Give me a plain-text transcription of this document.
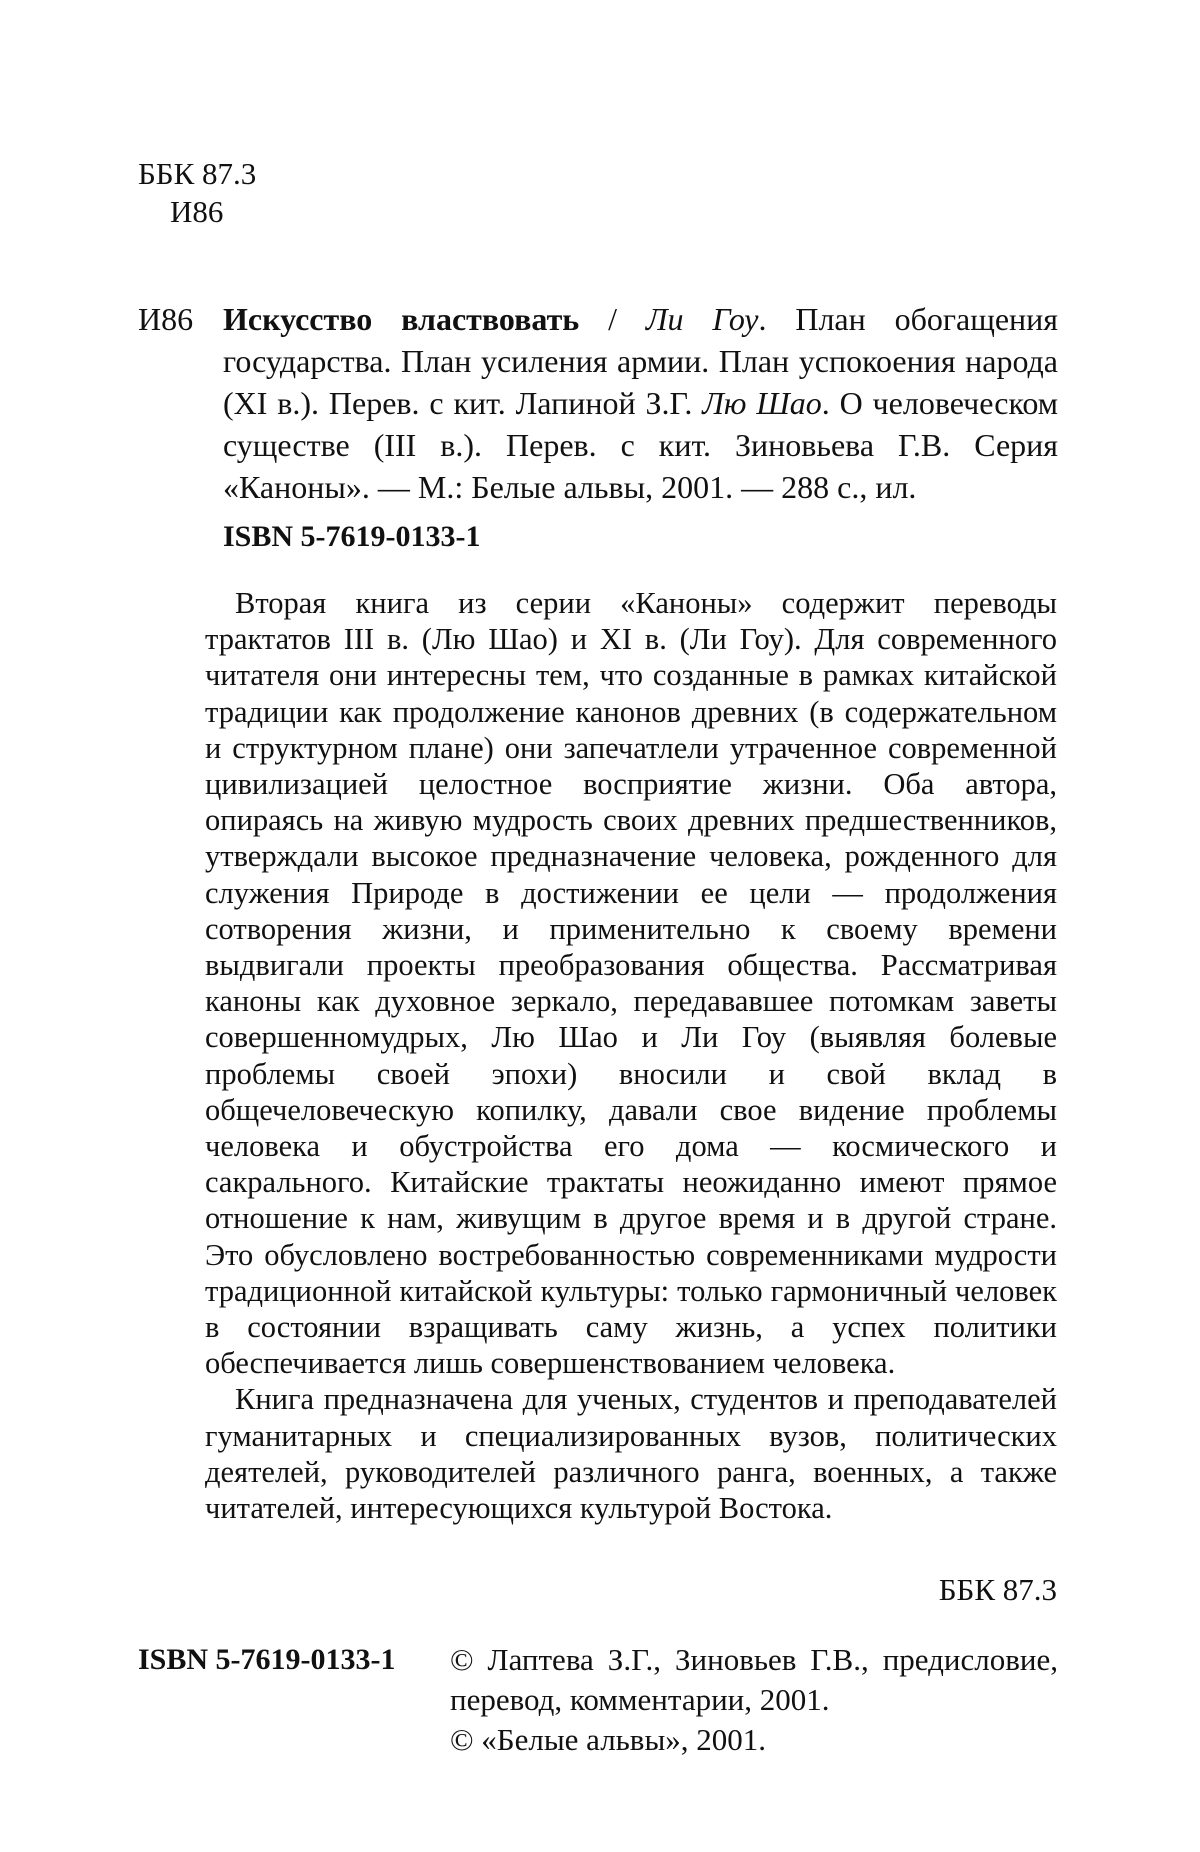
ББК 87.3
И86
И86 Искусство властвовать / Ли Гоу. План обогащения государства. План усиления армии. План успокоения народа (XI в.). Перев. с кит. Лапиной З.Г. Лю Шао. О человеческом существе (III в.). Перев. с кит. Зиновьева Г.В. Серия «Каноны». — М.: Белые альвы, 2001. — 288 с., ил.
ISBN 5-7619-0133-1

Вторая книга из серии «Каноны» содержит переводы трактатов III в. (Лю Шао) и XI в. (Ли Гоу). Для современного читателя они интересны тем, что созданные в рамках китайской традиции как продолжение канонов древних (в содержательном и структурном плане) они запечатлели утраченное современной цивилизацией целостное восприятие жизни. Оба автора, опираясь на живую мудрость своих древних предшественников, утверждали высокое предназначение человека, рожденного для служения Природе в достижении ее цели — продолжения сотворения жизни, и применительно к своему времени выдвигали проекты преобразования общества. Рассматривая каноны как духовное зеркало, передававшее потомкам заветы совершенномудрых, Лю Шао и Ли Гоу (выявляя болевые проблемы своей эпохи) вносили и свой вклад в общечеловеческую копилку, давали свое видение проблемы человека и обустройства его дома — космического и сакрального. Китайские трактаты неожиданно имеют прямое отношение к нам, живущим в другое время и в другой стране. Это обусловлено востребованностью современниками мудрости традиционной китайской культуры: только гармоничный человек в состоянии взращивать саму жизнь, а успех политики обеспечивается лишь совершенствованием человека.

Книга предназначена для ученых, студентов и преподавателей гуманитарных и специализированных вузов, политических деятелей, руководителей различного ранга, военных, а также читателей, интересующихся культурой Востока.

ББК 87.3
ISBN 5-7619-0133-1 © Лаптева З.Г., Зиновьев Г.В., предисловие, перевод, комментарии, 2001.
© «Белые альвы», 2001.
